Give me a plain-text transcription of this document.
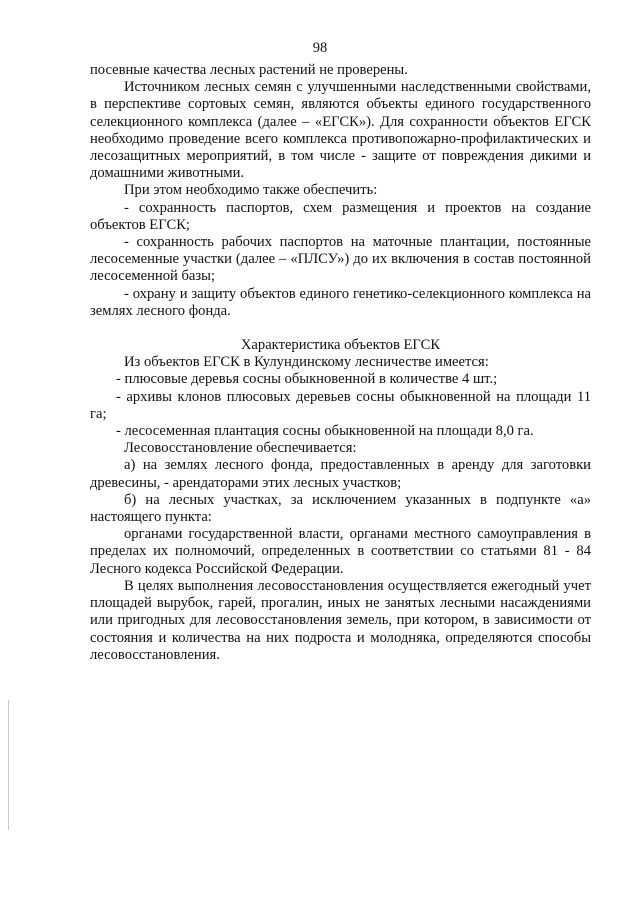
98

посевные качества лесных растений не проверены.

Источником лесных семян с улучшенными наследственными свойствами, в перспективе сортовых семян, являются объекты единого государственного селекционного комплекса (далее – «ЕГСК»). Для сохранности объектов ЕГСК необходимо проведение всего комплекса противопожарно-профилактических и лесозащитных мероприятий, в том числе - защите от повреждения дикими и домашними животными.

При этом необходимо также обеспечить:

- сохранность паспортов, схем размещения и проектов на создание объектов ЕГСК;

- сохранность рабочих паспортов на маточные плантации, постоянные лесосеменные участки (далее – «ПЛСУ») до их включения в состав постоянной лесосеменной базы;

- охрану и защиту объектов единого генетико-селекционного комплекса на землях лесного фонда.

Характеристика объектов ЕГСК

Из объектов ЕГСК в Кулундинскому лесничестве имеется:

- плюсовые деревья сосны обыкновенной в количестве 4 шт.;

- архивы клонов плюсовых деревьев сосны обыкновенной на площади 11 га;

- лесосеменная плантация сосны обыкновенной на площади 8,0 га.

Лесовосстановление обеспечивается:

а) на землях лесного фонда, предоставленных в аренду для заготовки древесины, - арендаторами этих лесных участков;

б) на лесных участках, за исключением указанных в подпункте «а» настоящего пункта:

органами государственной власти, органами местного самоуправления в пределах их полномочий, определенных в соответствии со статьями 81 - 84 Лесного кодекса Российской Федерации.

В целях выполнения лесовосстановления осуществляется ежегодный учет площадей вырубок, гарей, прогалин, иных не занятых лесными насаждениями или пригодных для лесовосстановления земель, при котором, в зависимости от состояния и количества на них подроста и молодняка, определяются способы лесовосстановления.
